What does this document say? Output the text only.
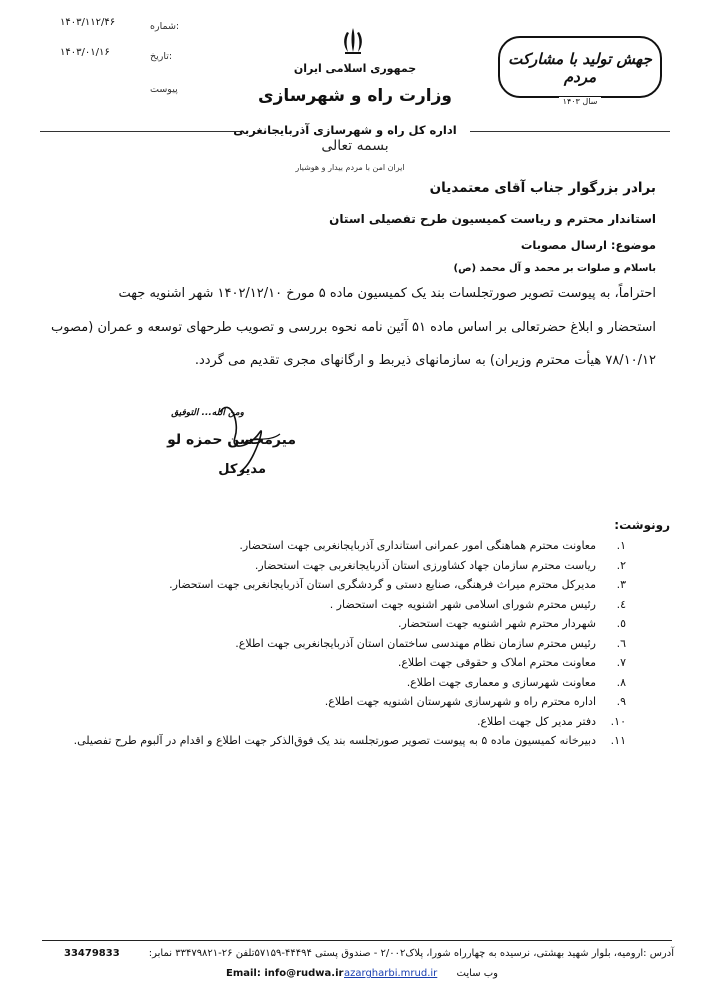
شماره:
۱۴۰۳/۱۱۲/۴۶
تاریخ:
۱۴۰۳/۰۱/۱۶
پیوست
جمهوری اسلامی ایران
وزارت راه و شهرسازی
اداره کل راه و شهرسازی آذربایجانغربی
بسمه تعالی
ایران امن با مردم بیدار و هوشیار
جهش تولید با مشارکت مردم
سال ۱۴۰۳
برادر بزرگوار جناب آقای معتمدیان
استاندار محترم و ریاست کمیسیون طرح تفصیلی استان
موضوع: ارسال مصوبات
باسلام و صلوات بر محمد و آل محمد (ص)
احتراماً، به پیوست تصویر صورتجلسات بند یک کمیسیون ماده ۵ مورخ ۱۴۰۲/۱۲/۱۰ شهر اشنویه جهت
استحضار و ابلاغ حضرتعالی بر اساس ماده ۵۱ آئین نامه نحوه بررسی و تصویب طرحهای توسعه و عمران (مصوب
۷۸/۱۰/۱۲ هیأت محترم وزیران) به سازمانهای ذیربط و ارگانهای مجری تقدیم می گردد.
ومن الله... التوفیق
میرمحسن حمزه لو
مدیرکل
رونوشت:
۱.معاونت محترم هماهنگی امور عمرانی استانداری آذربایجانغربی جهت استحضار.
۲.ریاست محترم سازمان جهاد کشاورزی استان آذربایجانغربی جهت استحضار.
۳.مدیرکل محترم میراث فرهنگی، صنایع دستی و گردشگری استان آذربایجانغربی جهت استحضار.
٤.رئیس محترم شورای اسلامی شهر اشنویه جهت استحضار .
٥.شهردار محترم شهر اشنویه جهت استحضار.
٦.رئیس محترم سازمان نظام مهندسی ساختمان استان آذربایجانغربی جهت اطلاع.
۷.معاونت محترم املاک و حقوقی جهت اطلاع.
۸.معاونت شهرسازی و معماری جهت اطلاع.
۹.اداره محترم راه و شهرسازی شهرستان اشنویه جهت اطلاع.
۱۰.دفتر مدیر کل جهت اطلاع.
۱۱.دبیرخانه کمیسیون ماده ۵ به پیوست تصویر صورتجلسه بند یک فوق‌الذکر جهت اطلاع و اقدام در آلبوم طرح تفصیلی.
آدرس :ارومیه، بلوار شهید بهشتی، نرسیده به چهارراه شورا، پلاک۲/۰۰۲ - صندوق پستی ۴۴۴۹۴-۵۷۱۵۹تلفن ۲۶-۳۳۴۷۹۸۲۱ نمابر:
33479833
وب سایت
azargharbi.mrud.ir
Email: info@rudwa.ir
